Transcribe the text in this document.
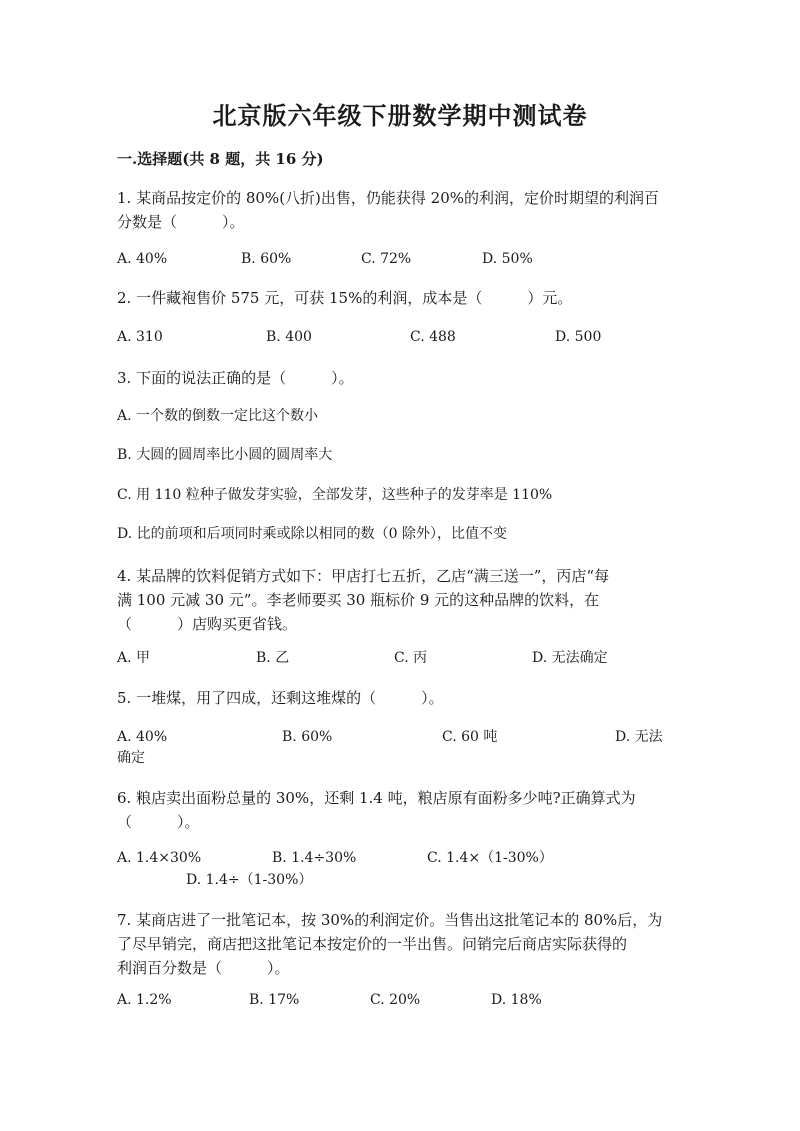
北京版六年级下册数学期中测试卷
一.选择题(共 8 题，共 16 分)
1. 某商品按定价的 80%(八折)出售，仍能获得 20%的利润，定价时期望的利润百
分数是（　　　）。
A. 40%	B. 60%	C. 72%	D. 50%
2. 一件藏袍售价 575 元，可获 15%的利润，成本是（　　　）元。
A. 310	B. 400	C. 488	D. 500
3. 下面的说法正确的是（　　　）。
A. 一个数的倒数一定比这个数小
B. 大圆的圆周率比小圆的圆周率大
C. 用 110 粒种子做发芽实验，全部发芽，这些种子的发芽率是 110%
D. 比的前项和后项同时乘或除以相同的数（0 除外），比值不变
4. 某品牌的饮料促销方式如下：甲店打七五折，乙店“满三送一”，丙店“每
满 100 元减 30 元”。李老师要买 30 瓶标价 9 元的这种品牌的饮料，在
（　　　）店购买更省钱。
A. 甲	B. 乙	C. 丙	D. 无法确定
5. 一堆煤，用了四成，还剩这堆煤的（　　　）。
A. 40%	B. 60%	C. 60 吨	D. 无法
确定
6. 粮店卖出面粉总量的 30%，还剩 1.4 吨，粮店原有面粉多少吨?正确算式为
（　　　）。
A. 1.4×30%	B. 1.4÷30%	C. 1.4×（1-30%）
D. 1.4÷（1-30%）
7. 某商店进了一批笔记本，按 30%的利润定价。当售出这批笔记本的 80%后，为
了尽早销完，商店把这批笔记本按定价的一半出售。问销完后商店实际获得的
利润百分数是（　　　）。
A. 1.2%	B. 17%	C. 20%	D. 18%
